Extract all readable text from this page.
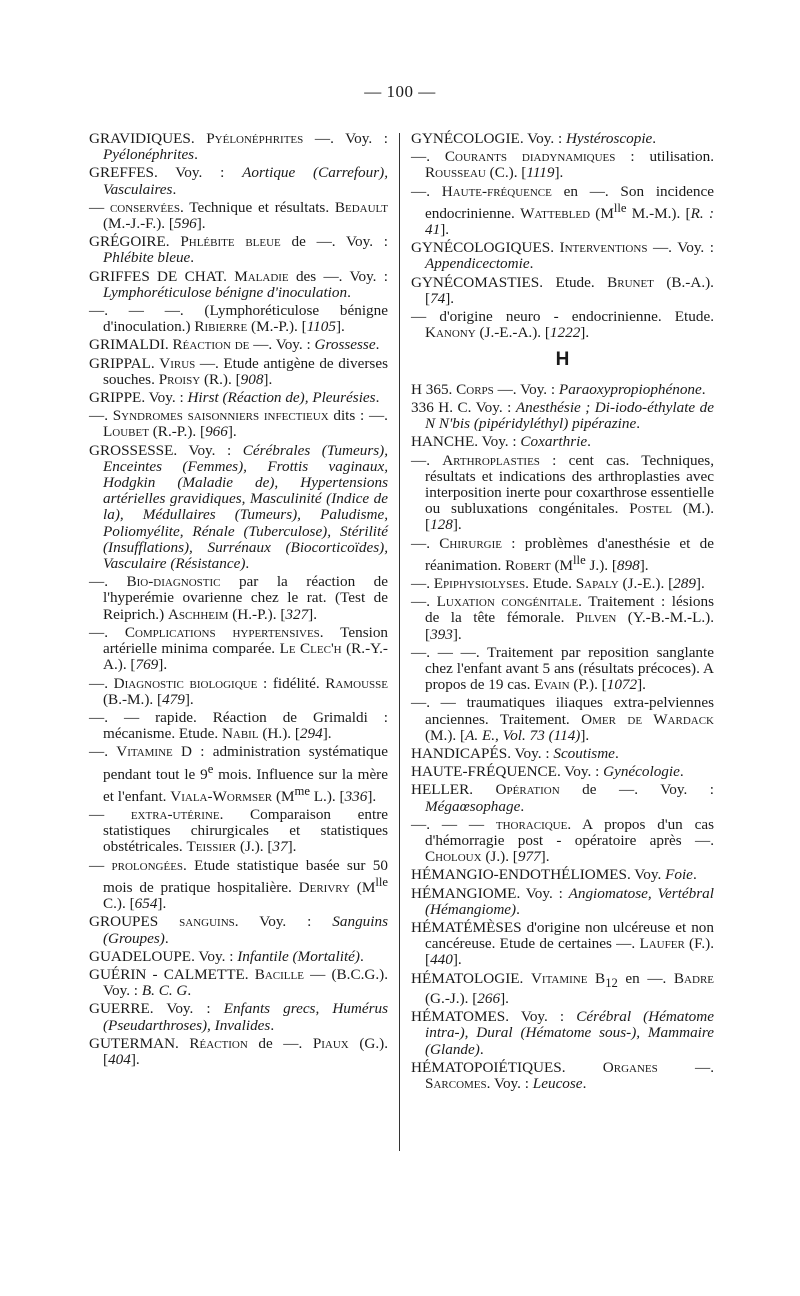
— 100 —

GRAVIDIQUES. Pyélonéphrites —. Voy. : Pyélonéphrites.

GREFFES. Voy. : Aortique (Carrefour), Vasculaires.

— conservées. Technique et résultats. Bedault (M.-J.-F.). [596].

GRÉGOIRE. Phlébite bleue de —. Voy. : Phlébite bleue.

GRIFFES DE CHAT. Maladie des —. Voy. : Lymphoréticulose bénigne d'inoculation.

—. — —. (Lymphoréticulose bénigne d'inoculation.) Ribierre (M.-P.). [1105].

GRIMALDI. Réaction de —. Voy. : Grossesse.

GRIPPAL. Virus —. Etude antigène de diverses souches. Proisy (R.). [908].

GRIPPE. Voy. : Hirst (Réaction de), Pleurésies.

—. Syndromes saisonniers infectieux dits : —. Loubet (R.-P.). [966].

GROSSESSE. Voy. : Cérébrales (Tumeurs), Enceintes (Femmes), Frottis vaginaux, Hodgkin (Maladie de), Hypertensions artérielles gravidiques, Masculinité (Indice de la), Médullaires (Tumeurs), Paludisme, Poliomyélite, Rénale (Tuberculose), Stérilité (Insufflations), Surrénaux (Biocorticoïdes), Vasculaire (Résistance).

—. Bio-diagnostic par la réaction de l'hyperémie ovarienne chez le rat. (Test de Reiprich.) Aschheim (H.-P.). [327].

—. Complications hypertensives. Tension artérielle minima comparée. Le Clec'h (R.-Y.-A.). [769].

—. Diagnostic biologique : fidélité. Ramousse (B.-M.). [479].

—. — rapide. Réaction de Grimaldi : mécanisme. Etude. Nabil (H.). [294].

—. Vitamine D : administration systématique pendant tout le 9e mois. Influence sur la mère et l'enfant. Viala-Wormser ($M^{me}$ L.). [336].

— extra-utérine. Comparaison entre statistiques chirurgicales et statistiques obstétricales. Teissier (J.). [37].

— prolongées. Etude statistique basée sur 50 mois de pratique hospitalière. Derivry ($M^{lle}$ C.). [654].

GROUPES sanguins. Voy. : Sanguins (Groupes).

GUADELOUPE. Voy. : Infantile (Mortalité).

GUÉRIN - CALMETTE. Bacille — (B.C.G.). Voy. : B. C. G.

GUERRE. Voy. : Enfants grecs, Humérus (Pseudarthroses), Invalides.

GUTERMAN. Réaction de —. Piaux (G.). [404].

GYNÉCOLOGIE. Voy. : Hystéroscopie.

—. Courants diadynamiques : utilisation. Rousseau (C.). [1119].

—. Haute-fréquence en —. Son incidence endocrinienne. Wattebled ($M^{lle}$ M.-M.). [R. : 41].

GYNÉCOLOGIQUES. Interventions —. Voy. : Appendicectomie.

GYNÉCOMASTIES. Etude. Brunet (B.-A.). [74].

— d'origine neuro - endocrinienne. Etude. Kanony (J.-E.-A.). [1222].

H

H 365. Corps —. Voy. : Paraoxypropiophénone.

336 H. C. Voy. : Anesthésie ; Di-iodo-éthylate de N N'bis (pipéridyléthyl) pipérazine.

HANCHE. Voy. : Coxarthrie.

—. Arthroplasties : cent cas. Techniques, résultats et indications des arthroplasties avec interposition inerte pour coxarthrose essentielle ou subluxations congénitales. Postel (M.). [128].

—. Chirurgie : problèmes d'anesthésie et de réanimation. Robert ($M^{lle}$ J.). [898].

—. Epiphysiolyses. Etude. Sapaly (J.-E.). [289].

—. Luxation congénitale. Traitement : lésions de la tête fémorale. Pilven (Y.-B.-M.-L.). [393].

—. — —. Traitement par reposition sanglante chez l'enfant avant 5 ans (résultats précoces). A propos de 19 cas. Evain (P.). [1072].

—. — traumatiques iliaques extra-pelviennes anciennes. Traitement. Omer de Wardack (M.). [A. E., Vol. 73 (114)].

HANDICAPÉS. Voy. : Scoutisme.

HAUTE-FRÉQUENCE. Voy. : Gynécologie.

HELLER. Opération de —. Voy. : Mégaœsophage.

—. — — thoracique. A propos d'un cas d'hémorragie post - opératoire après —. Choloux (J.). [977].

HÉMANGIO-ENDOTHÉLIOMES. Voy. Foie.

HÉMANGIOME. Voy. : Angiomatose, Vertébral (Hémangiome).

HÉMATÉMÈSES d'origine non ulcéreuse et non cancéreuse. Etude de certaines —. Laufer (F.). [440].

HÉMATOLOGIE. Vitamine $B_{12}$ en —. Badre (G.-J.). [266].

HÉMATOMES. Voy. : Cérébral (Hématome intra-), Dural (Hématome sous-), Mammaire (Glande).

HÉMATOPOIÉTIQUES. Organes —. Sarcomes. Voy. : Leucose.
